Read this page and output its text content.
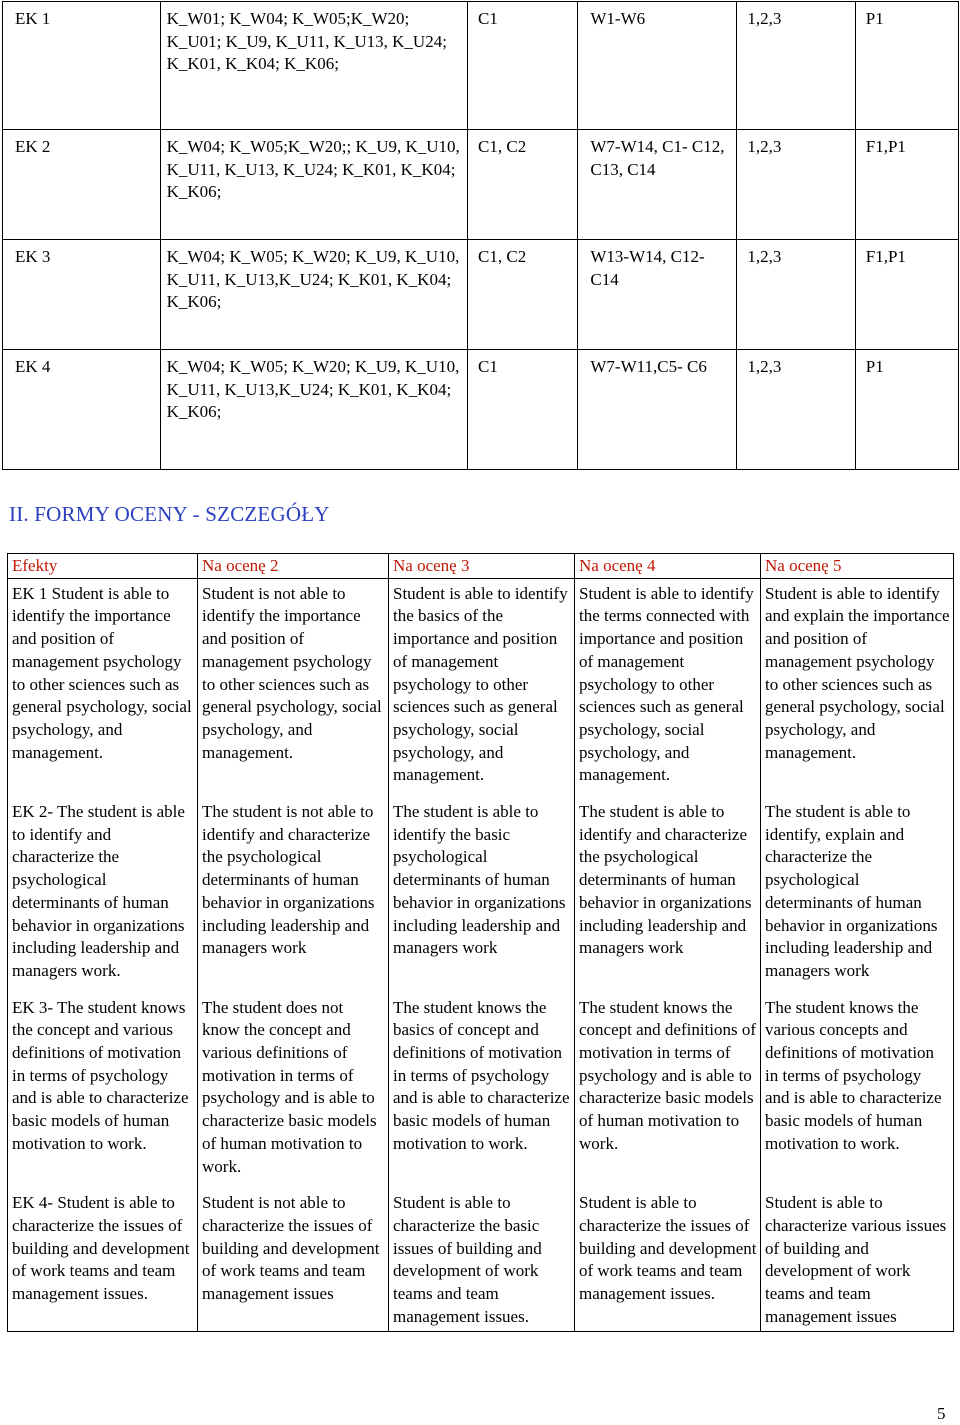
EK 1	K_W01; K_W04; K_W05;K_W20; K_U01; K_U9, K_U11, K_U13, K_U24; K_K01, K_K04; K_K06;	C1	W1-W6	1,2,3	P1
EK 2	K_W04; K_W05;K_W20;; K_U9, K_U10, K_U11, K_U13, K_U24; K_K01, K_K04; K_K06;	C1, C2	W7-W14, C1- C12, C13, C14	1,2,3	F1,P1
EK 3	K_W04; K_W05; K_W20; K_U9, K_U10, K_U11, K_U13,K_U24; K_K01, K_K04; K_K06;	C1, C2	W13-W14, C12-C14	1,2,3	F1,P1
EK 4	K_W04; K_W05; K_W20; K_U9, K_U10, K_U11, K_U13,K_U24; K_K01, K_K04; K_K06;	C1	W7-W11,C5- C6	1,2,3	P1
II. FORMY OCENY - SZCZEGÓŁY
Efekty	Na ocenę 2	Na ocenę 3	Na ocenę 4	Na ocenę 5
EK 1 Student is able to identify the importance and position of management psychology to other sciences such as general psychology, social psychology, and management.	Student is not able to identify the importance and position of management psychology to other sciences such as general psychology, social psychology, and management.	Student is able to identify the basics of the importance and position of management psychology to other sciences such as general psychology, social psychology, and management.	Student is able to identify the terms connected with importance and position of management psychology to other sciences such as general psychology, social psychology, and management.	Student is able to identify and explain the importance and position of management psychology to other sciences such as general psychology, social psychology, and management.
EK 2- The student is able to identify and characterize the psychological determinants of human behavior in organizations including leadership and managers work.	The student is not able to identify and characterize the psychological determinants of human behavior in organizations including leadership and managers work	The student is able to identify the basic psychological determinants of human behavior in organizations including leadership and managers work	The student is able to identify and characterize the psychological determinants of human behavior in organizations including leadership and managers work	The student is able to identify, explain and characterize the psychological determinants of human behavior in organizations including leadership and managers work
EK 3- The student knows the concept and various definitions of motivation in terms of psychology and is able to characterize basic models of human motivation to work.	The student does not know the concept and various definitions of motivation in terms of psychology and is able to characterize basic models of human motivation to work.	The student knows the basics of concept and definitions of motivation in terms of psychology and is able to characterize basic models of human motivation to work.	The student knows the concept and definitions of motivation in terms of psychology and is able to characterize basic models of human motivation to work.	The student knows the various concepts and definitions of motivation in terms of psychology and is able to characterize basic models of human motivation to work.
EK 4- Student is able to characterize the issues of building and development of work teams and team management issues.	Student is not able to characterize the issues of building and development of work teams and team management issues	Student is able to characterize the basic issues of building and development of work teams and team management issues.	Student is able to characterize the issues of building and development of work teams and team management issues.	Student is able to characterize various issues of building and development of work teams and team management issues
5
